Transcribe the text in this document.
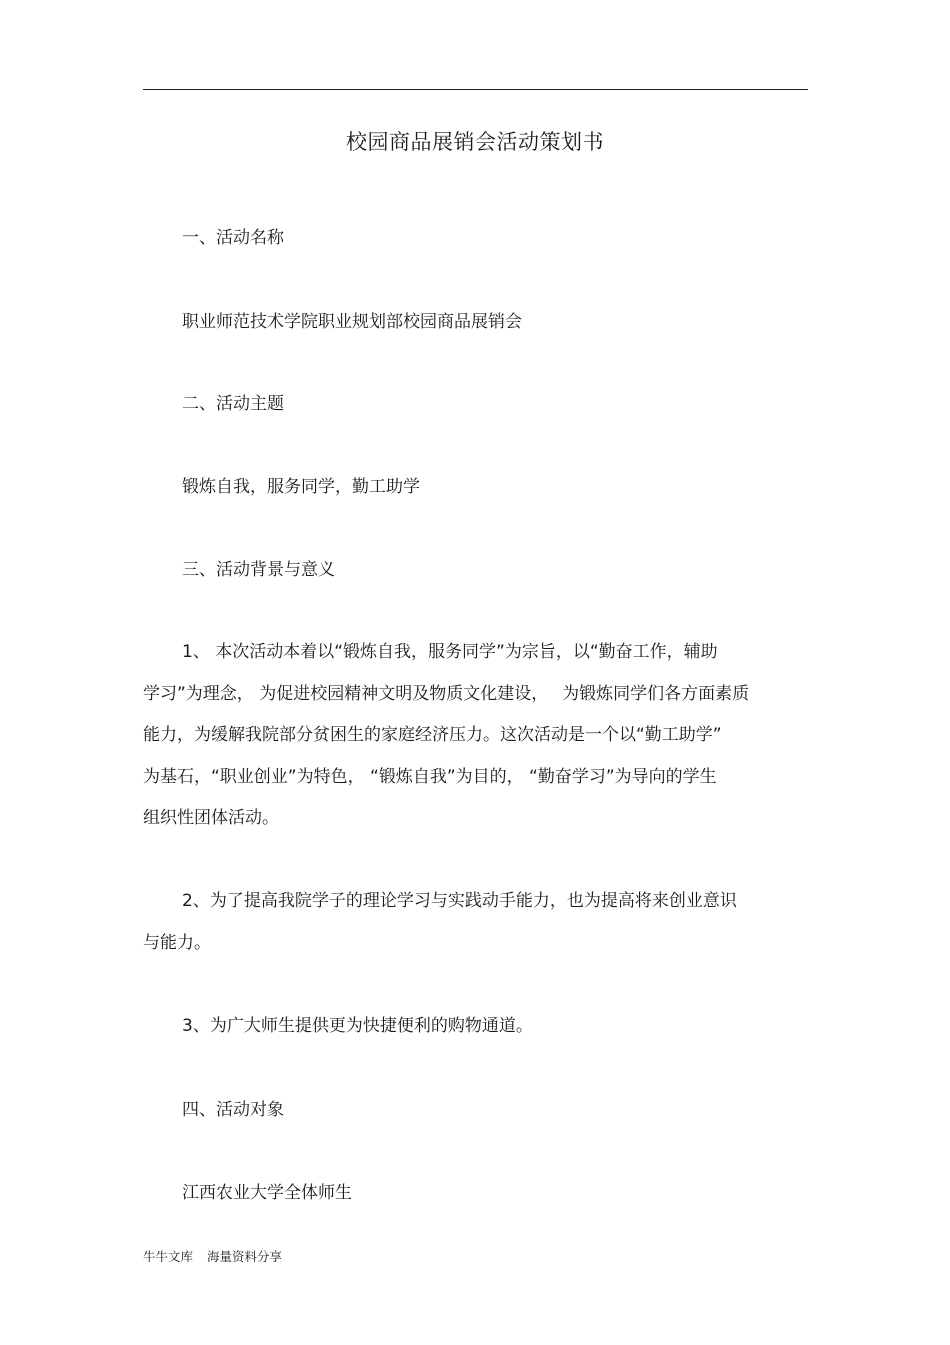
校园商品展销会活动策划书
一、活动名称
职业师范技术学院职业规划部校园商品展销会
二、活动主题
锻炼自我，服务同学，勤工助学
三、活动背景与意义
1、 本次活动本着以“锻炼自我，服务同学”为宗旨，以“勤奋工作，辅助
学习”为理念， 为促进校园精神文明及物质文化建设，　 为锻炼同学们各方面素质
能力，为缓解我院部分贫困生的家庭经济压力。这次活动是一个以“勤工助学”
为基石，“职业创业”为特色， “锻炼自我”为目的， “勤奋学习”为导向的学生
组织性团体活动。
2、为了提高我院学子的理论学习与实践动手能力，也为提高将来创业意识
与能力。
3、为广大师生提供更为快捷便利的购物通道。
四、活动对象
江西农业大学全体师生
牛牛文库 海量资料分享
